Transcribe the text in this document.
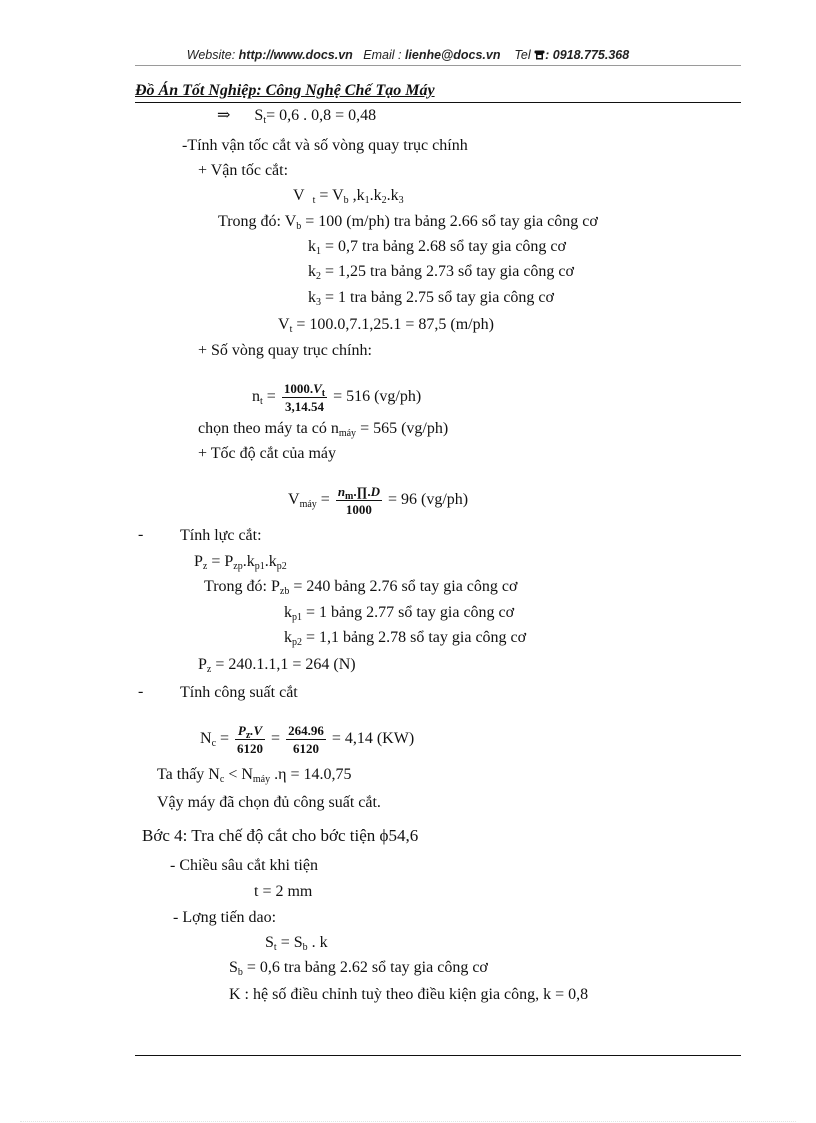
Website: http://www.docs.vn Email : lienhe@docs.vn Tel : 0918.775.368
Đồ Án Tốt Nghiệp: Công Nghệ Chế Tạo Máy
⇒ $S_t= 0,6$ . 0,8 = 0,48
-Tính vận tốc cắt và số vòng quay trục chính
+ Vận tốc cắt:
V $_t = V_b$ $,k_1.k_2.k_3$
Trong đó: $V_b = 100$ (m/ph) tra bảng 2.66 sổ tay gia công cơ
$k_1 = 0,7$ tra bảng 2.68 sổ tay gia công cơ
$k_2 = 1,25$ tra bảng 2.73 sổ tay gia công cơ
$k_3 = 1$ tra bảng 2.75 sổ tay gia công cơ
$V_t = 100.0,7.1,25.1 = 87,5$ (m/ph)
+ Số vòng quay trục chính:
$n_t = \frac{1000.V_t}{3,14.54} = 516$ (vg/ph)
chọn theo máy ta có $n_{máy} = 565$ (vg/ph)
+ Tốc độ cắt của máy
$V_{máy} = \frac{n_m.\prod.D}{1000} = 96$ (vg/ph)
- Tính lực cắt:
$P_z = P_{zp}.k_{p1}.k_{p2}$
Trong đó: $P_{zb} = 240$ bảng 2.76 sổ tay gia công cơ
$k_{p1} = 1$ bảng 2.77 sổ tay gia công cơ
$k_{p2} = 1,1$ bảng 2.78 sổ tay gia công cơ
$P_z = 240.1.1,1 = 264$ (N)
- Tính công suất cắt
$N_c = \frac{P_z.V}{6120} = \frac{264.96}{6120} = 4,14$ (KW)
Ta thấy $N_c < N_{máy}$ .η = 14.0,75
Vậy máy đã chọn đủ công suất cắt.
Bớc 4: Tra chế độ cắt cho bớc tiện ϕ54,6
- Chiều sâu cắt khi tiện
t = 2 mm
- Lợng tiến dao:
$S_t = S_b$ . k
$S_b = 0,6$ tra bảng 2.62 sổ tay gia công cơ
K : hệ số điều chỉnh tuỳ theo điều kiện gia công, k = 0,8
